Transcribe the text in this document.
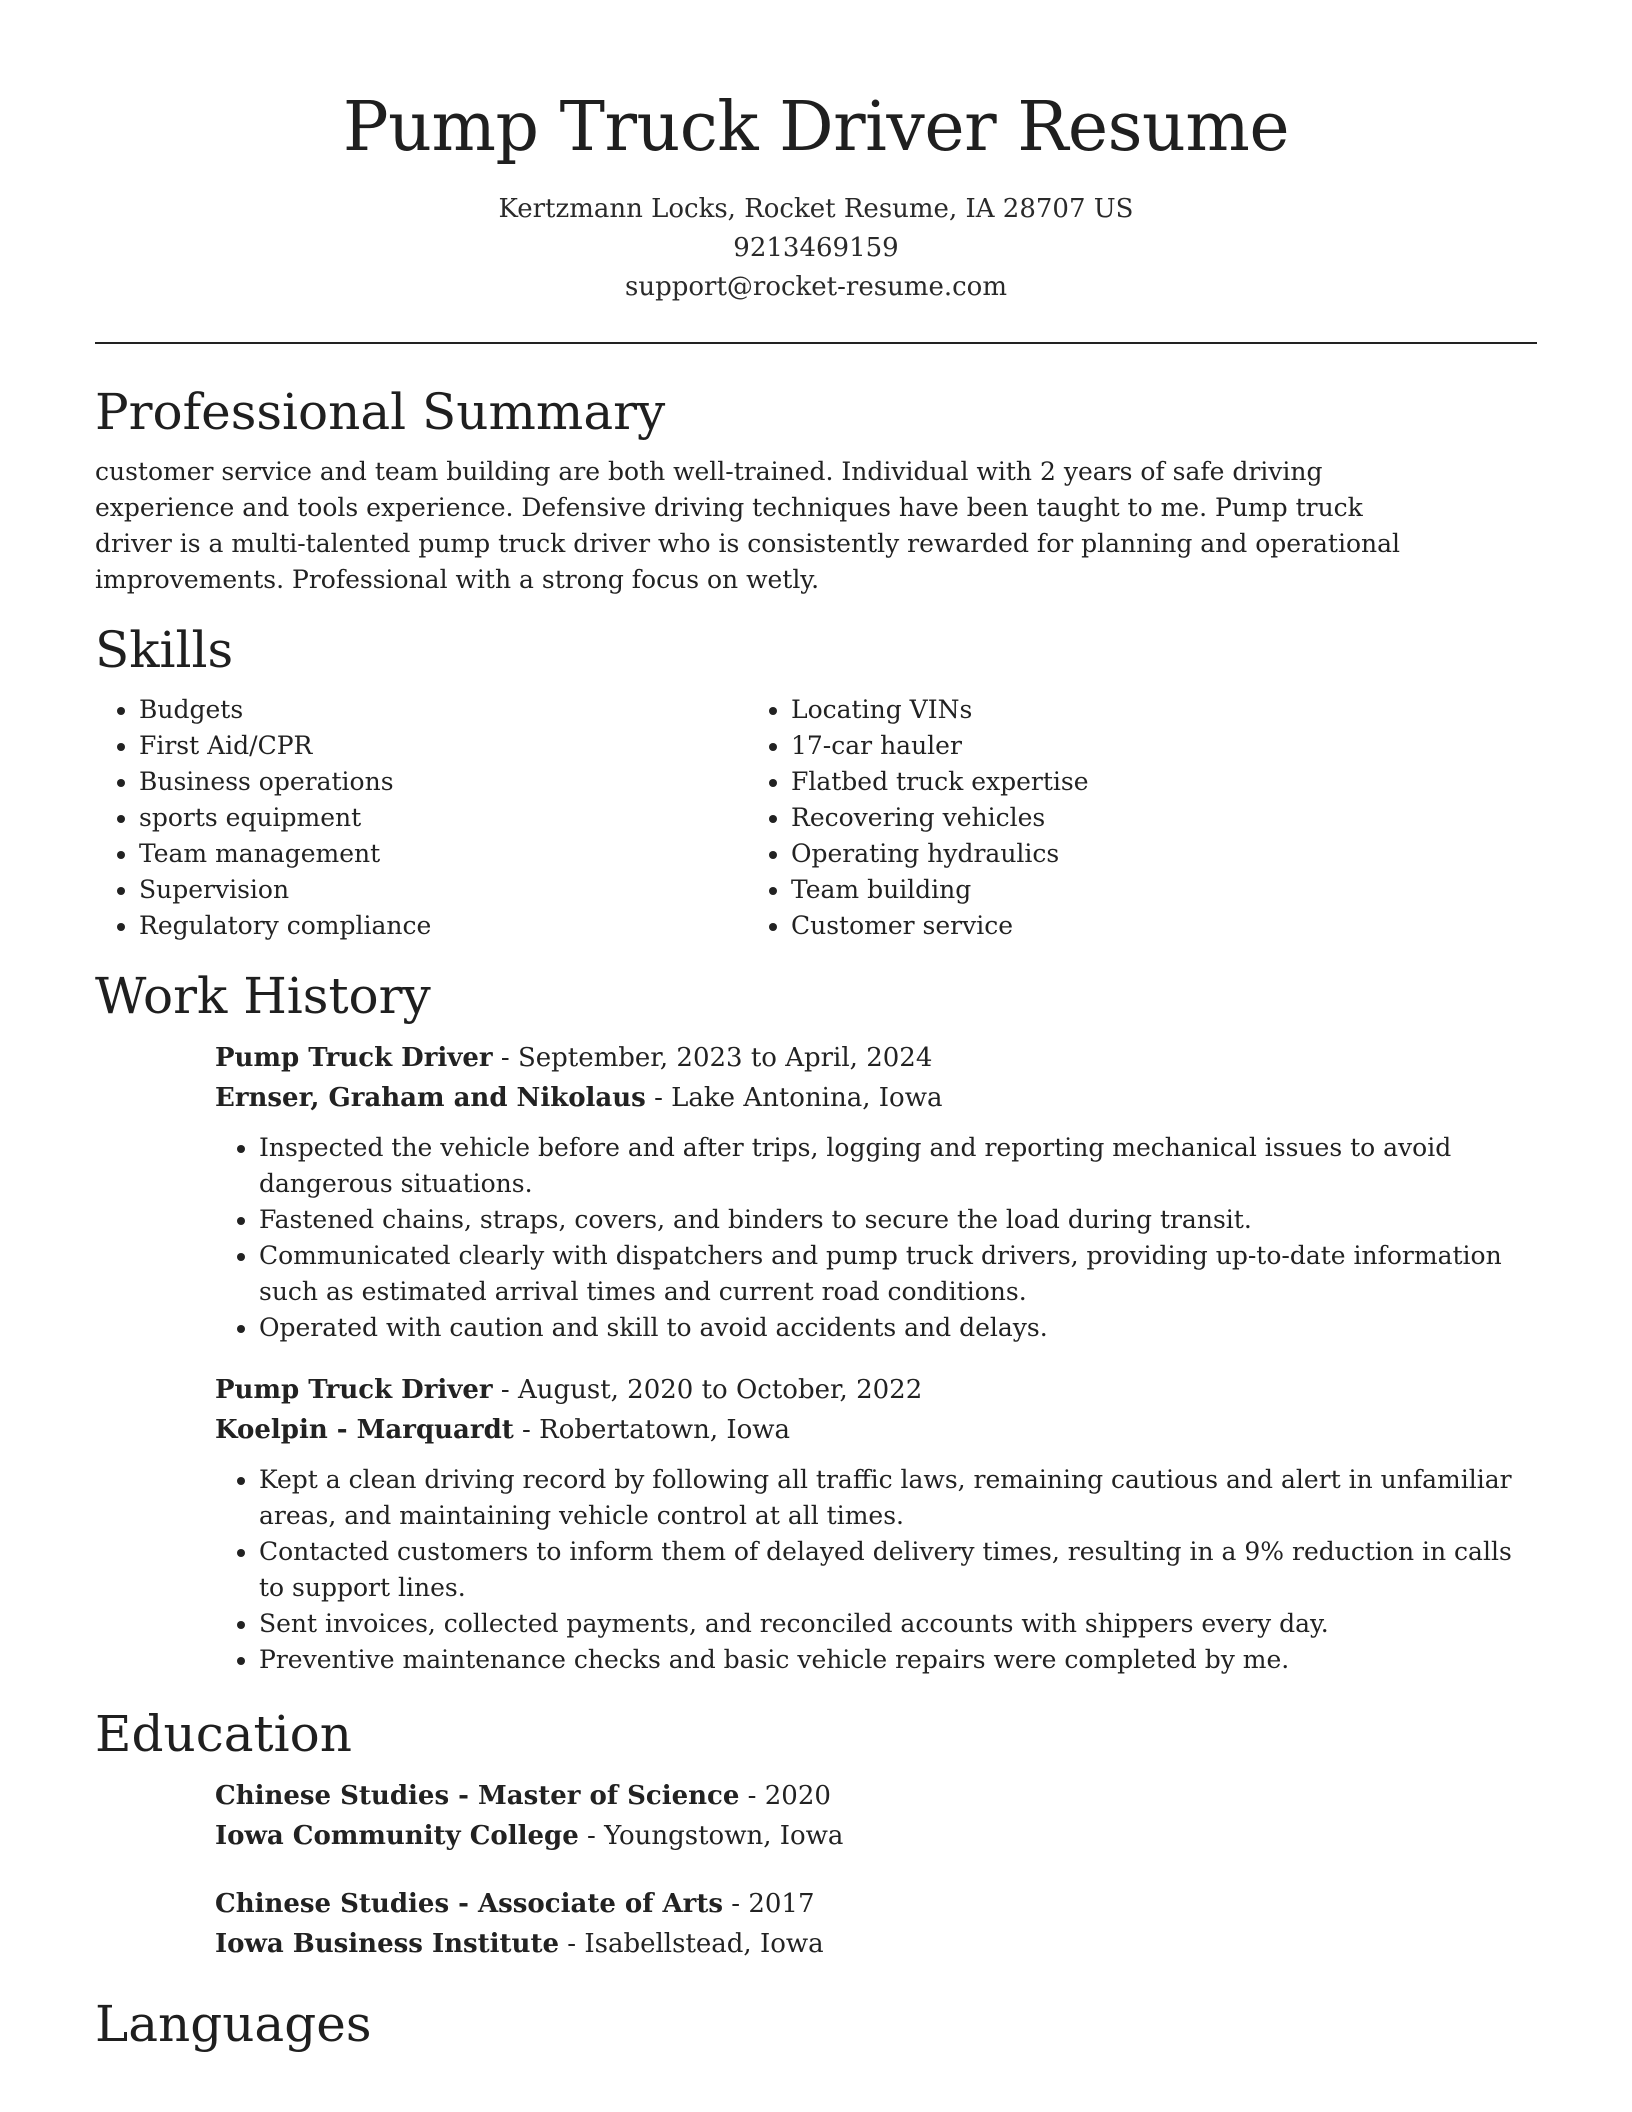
Pump Truck Driver Resume
Kertzmann Locks, Rocket Resume, IA 28707 US
9213469159
support@rocket-resume.com
Professional Summary

customer service and team building are both well-trained. Individual with 2 years of safe driving experience and tools experience. Defensive driving techniques have been taught to me. Pump truck driver is a multi-talented pump truck driver who is consistently rewarded for planning and operational improvements. Professional with a strong focus on wetly.

Skills
• Budgets
• First Aid/CPR
• Business operations
• sports equipment
• Team management
• Supervision
• Regulatory compliance
• Locating VINs
• 17-car hauler
• Flatbed truck expertise
• Recovering vehicles
• Operating hydraulics
• Team building
• Customer service
Work History
Pump Truck Driver - September, 2023 to April, 2024
Ernser, Graham and Nikolaus - Lake Antonina, Iowa
• Inspected the vehicle before and after trips, logging and reporting mechanical issues to avoid dangerous situations.
• Fastened chains, straps, covers, and binders to secure the load during transit.
• Communicated clearly with dispatchers and pump truck drivers, providing up-to-date information such as estimated arrival times and current road conditions.
• Operated with caution and skill to avoid accidents and delays.
Pump Truck Driver - August, 2020 to October, 2022
Koelpin - Marquardt - Robertatown, Iowa
• Kept a clean driving record by following all traffic laws, remaining cautious and alert in unfamiliar areas, and maintaining vehicle control at all times.
• Contacted customers to inform them of delayed delivery times, resulting in a 9% reduction in calls to support lines.
• Sent invoices, collected payments, and reconciled accounts with shippers every day.
• Preventive maintenance checks and basic vehicle repairs were completed by me.
Education
Chinese Studies - Master of Science - 2020
Iowa Community College - Youngstown, Iowa
Chinese Studies - Associate of Arts - 2017
Iowa Business Institute - Isabellstead, Iowa
Languages
